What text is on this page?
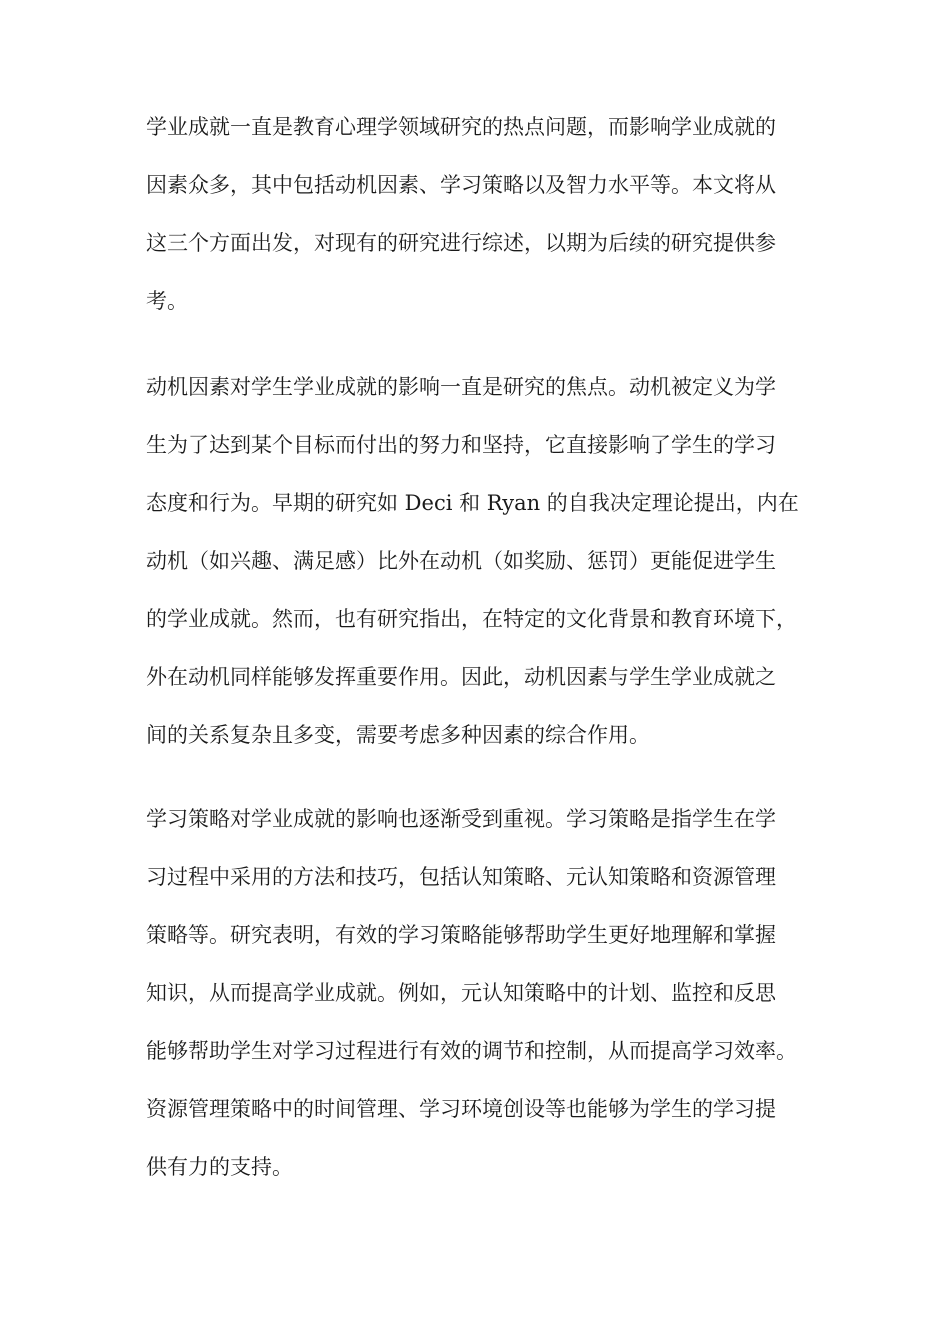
学业成就一直是教育心理学领域研究的热点问题，而影响学业成就的
因素众多，其中包括动机因素、学习策略以及智力水平等。本文将从
这三个方面出发，对现有的研究进行综述，以期为后续的研究提供参
考。
动机因素对学生学业成就的影响一直是研究的焦点。动机被定义为学
生为了达到某个目标而付出的努力和坚持，它直接影响了学生的学习
态度和行为。早期的研究如 Deci 和 Ryan 的自我决定理论提出，内在
动机（如兴趣、满足感）比外在动机（如奖励、惩罚）更能促进学生
的学业成就。然而，也有研究指出，在特定的文化背景和教育环境下，
外在动机同样能够发挥重要作用。因此，动机因素与学生学业成就之
间的关系复杂且多变，需要考虑多种因素的综合作用。
学习策略对学业成就的影响也逐渐受到重视。学习策略是指学生在学
习过程中采用的方法和技巧，包括认知策略、元认知策略和资源管理
策略等。研究表明，有效的学习策略能够帮助学生更好地理解和掌握
知识，从而提高学业成就。例如，元认知策略中的计划、监控和反思
能够帮助学生对学习过程进行有效的调节和控制，从而提高学习效率。
资源管理策略中的时间管理、学习环境创设等也能够为学生的学习提
供有力的支持。
